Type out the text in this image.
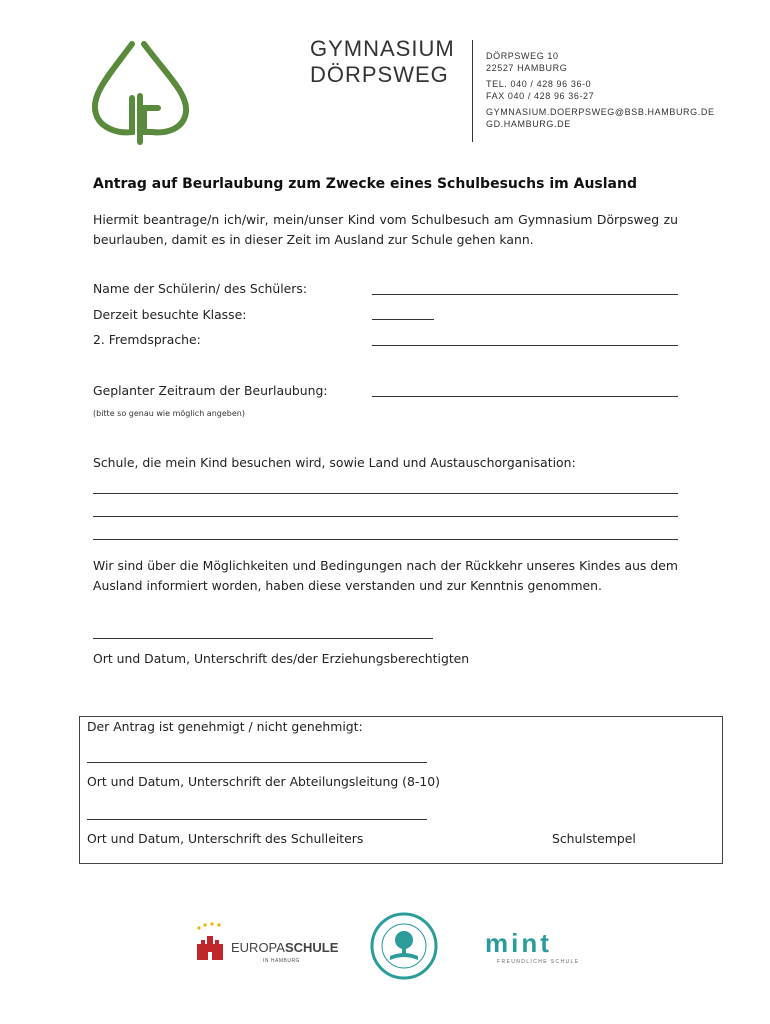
GYMNASIUM
DÖRPSWEG
DÖRPSWEG 10
22527 HAMBURG
TEL. 040 / 428 96 36-0
FAX 040 / 428 96 36-27
GYMNASIUM.DOERPSWEG@BSB.HAMBURG.DE
GD.HAMBURG.DE
Antrag auf Beurlaubung zum Zwecke eines Schulbesuchs im Ausland
Hiermit beantrage/n ich/wir, mein/unser Kind vom Schulbesuch am Gymnasium Dörpsweg zu beurlauben, damit es in dieser Zeit im Ausland zur Schule gehen kann.
Name der Schülerin/ des Schülers:
Derzeit besuchte Klasse:
2. Fremdsprache:
Geplanter Zeitraum der Beurlaubung:
(bitte so genau wie möglich angeben)
Schule, die mein Kind besuchen wird, sowie Land und Austauschorganisation:
Wir sind über die Möglichkeiten und Bedingungen nach der Rückkehr unseres Kindes aus dem Ausland informiert worden, haben diese verstanden und zur Kenntnis genommen.
Ort und Datum, Unterschrift des/der Erziehungsberechtigten
Der Antrag ist genehmigt / nicht genehmigt:
Ort und Datum, Unterschrift der Abteilungsleitung (8-10)
Ort und Datum, Unterschrift des Schulleiters	Schulstempel
EUROPASCHULE
IN HAMBURG
mint
FREUNDLICHE SCHULE
